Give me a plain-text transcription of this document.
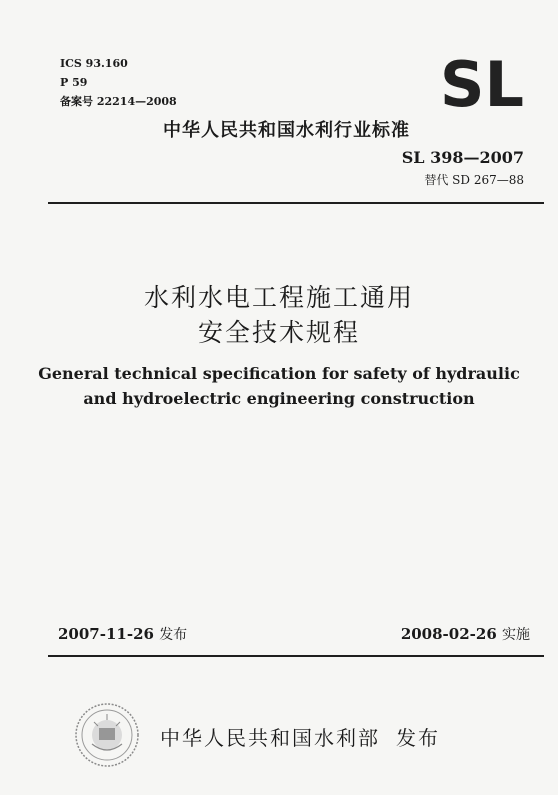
ICS 93.160
P 59
备案号 22214—2008	SL
中华人民共和国水利行业标准
SL 398—2007
替代 SD 267—88
水利水电工程施工通用
安全技术规程
General technical specification for safety of hydraulic
and hydroelectric engineering construction
2007-11-26 发布	2008-02-26 实施
中华人民共和国水利部 发布
